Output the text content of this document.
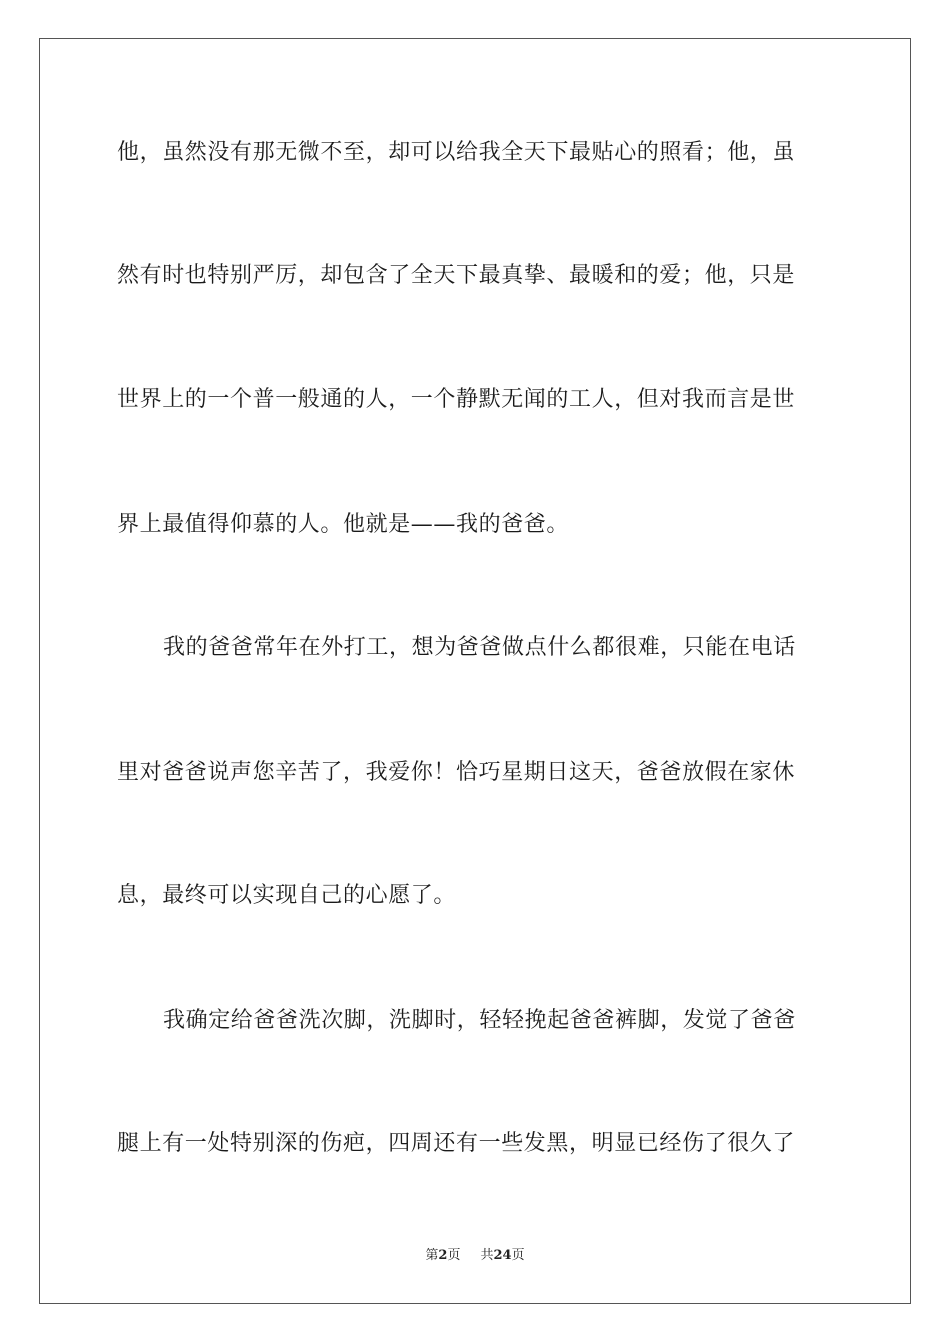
他，虽然没有那无微不至，却可以给我全天下最贴心的照看；他，虽
然有时也特别严厉，却包含了全天下最真挚、最暖和的爱；他，只是
世界上的一个普一般通的人，一个静默无闻的工人，但对我而言是世
界上最值得仰慕的人。他就是——我的爸爸。
我的爸爸常年在外打工，想为爸爸做点什么都很难，只能在电话
里对爸爸说声您辛苦了，我爱你！恰巧星期日这天，爸爸放假在家休
息，最终可以实现自己的心愿了。
我确定给爸爸洗次脚，洗脚时，轻轻挽起爸爸裤脚，发觉了爸爸
腿上有一处特别深的伤疤，四周还有一些发黑，明显已经伤了很久了
第2页 共24页
